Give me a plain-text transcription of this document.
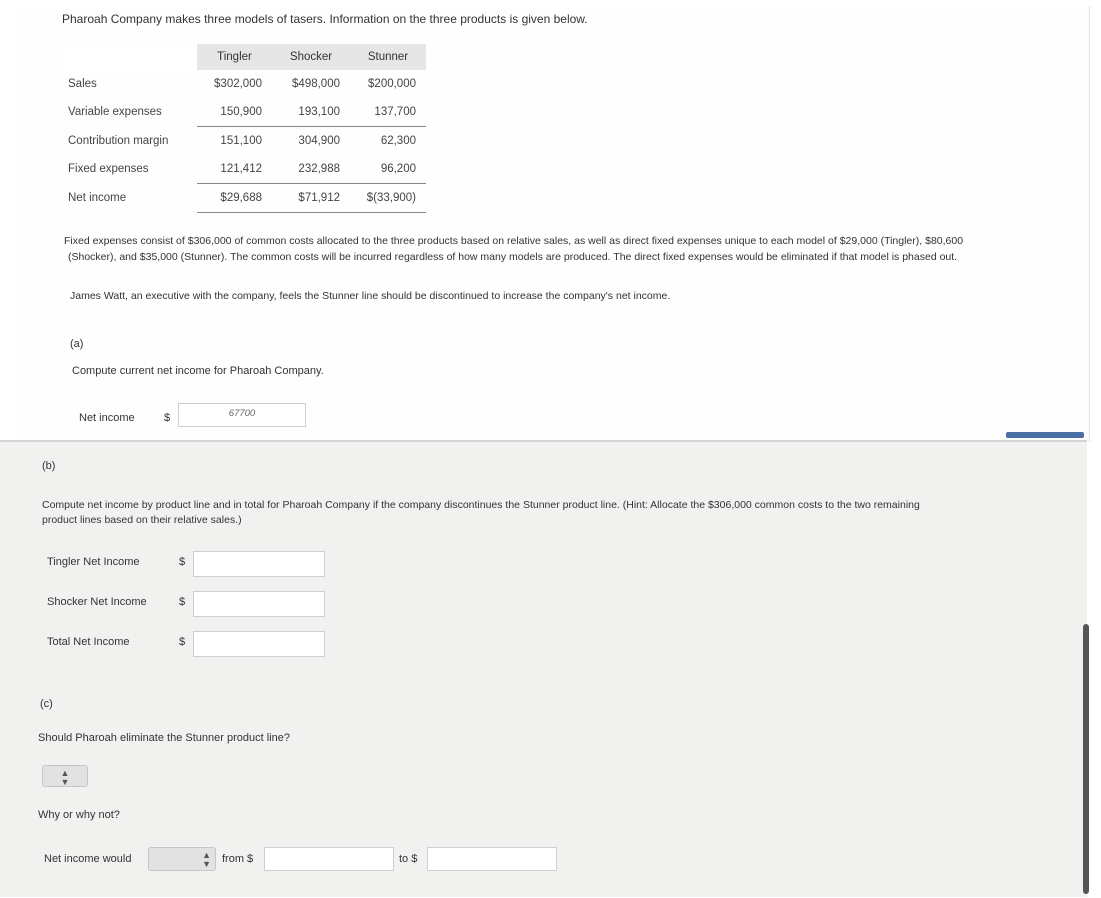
Pharoah Company makes three models of tasers. Information on the three products is given below.
	Tingler	Shocker	Stunner
Sales	$302,000	$498,000	$200,000
Variable expenses	150,900	193,100	137,700
Contribution margin	151,100	304,900	62,300
Fixed expenses	121,412	232,988	96,200
Net income	$29,688	$71,912	$(33,900)
Fixed expenses consist of $306,000 of common costs allocated to the three products based on relative sales, as well as direct fixed expenses unique to each model of $29,000 (Tingler), $80,600
(Shocker), and $35,000 (Stunner). The common costs will be incurred regardless of how many models are produced. The direct fixed expenses would be eliminated if that model is phased out.
James Watt, an executive with the company, feels the Stunner line should be discontinued to increase the company's net income.
(a)
Compute current net income for Pharoah Company.
Net income	$	67700
(b)
Compute net income by product line and in total for Pharoah Company if the company discontinues the Stunner product line. (Hint: Allocate the $306,000 common costs to the two remaining
product lines based on their relative sales.)
Tingler Net Income	$
Shocker Net Income	$
Total Net Income	$
(c)
Should Pharoah eliminate the Stunner product line?
▲
▼
Why or why not?
Net income would	▲
▼	from $	to $
